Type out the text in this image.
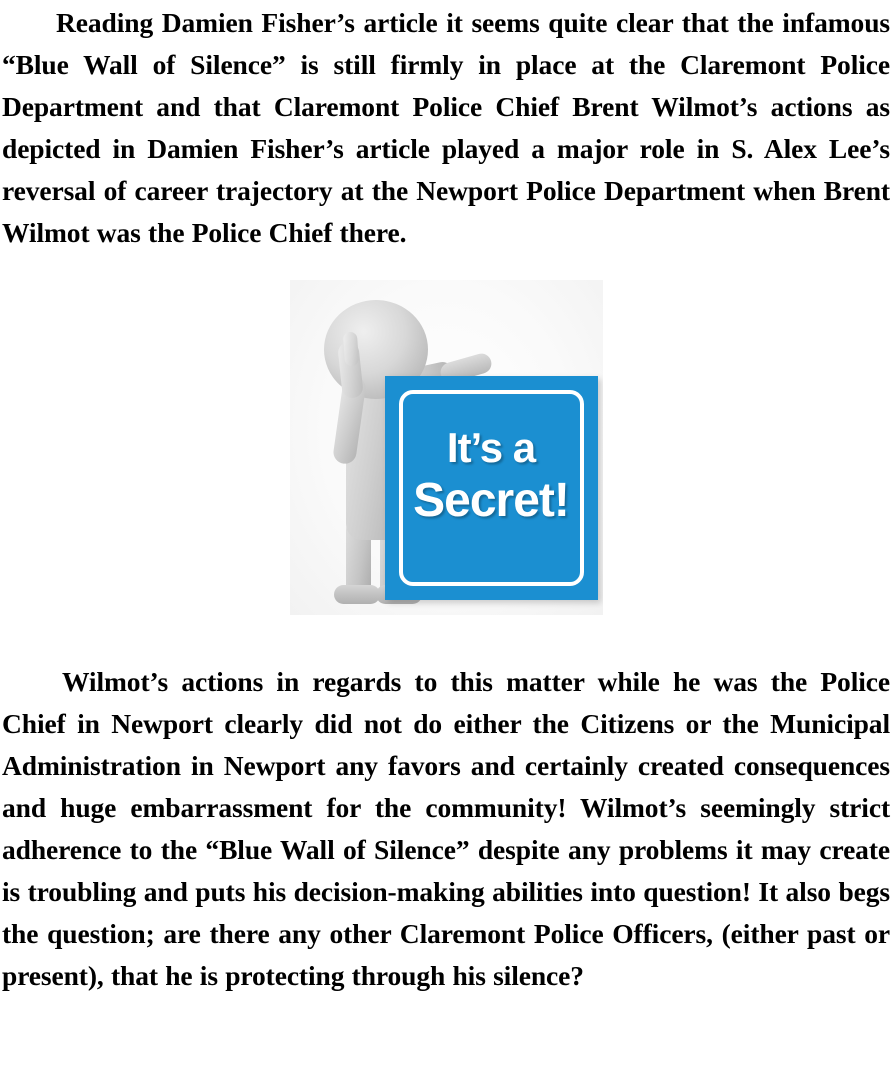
Reading Damien Fisher’s article it seems quite clear that the infamous “Blue Wall of Silence” is still firmly in place at the Claremont Police Department and that Claremont Police Chief Brent Wilmot’s actions as depicted in Damien Fisher’s article played a major role in S. Alex Lee’s reversal of career trajectory at the Newport Police Department when Brent Wilmot was the Police Chief there.

It’s a
Secret!

Wilmot’s actions in regards to this matter while he was the Police Chief in Newport clearly did not do either the Citizens or the Municipal Administration in Newport any favors and certainly created consequences and huge embarrassment for the community! Wilmot’s seemingly strict adherence to the “Blue Wall of Silence” despite any problems it may create is troubling and puts his decision-making abilities into question! It also begs the question; are there any other Claremont Police Officers, (either past or present), that he is protecting through his silence?
